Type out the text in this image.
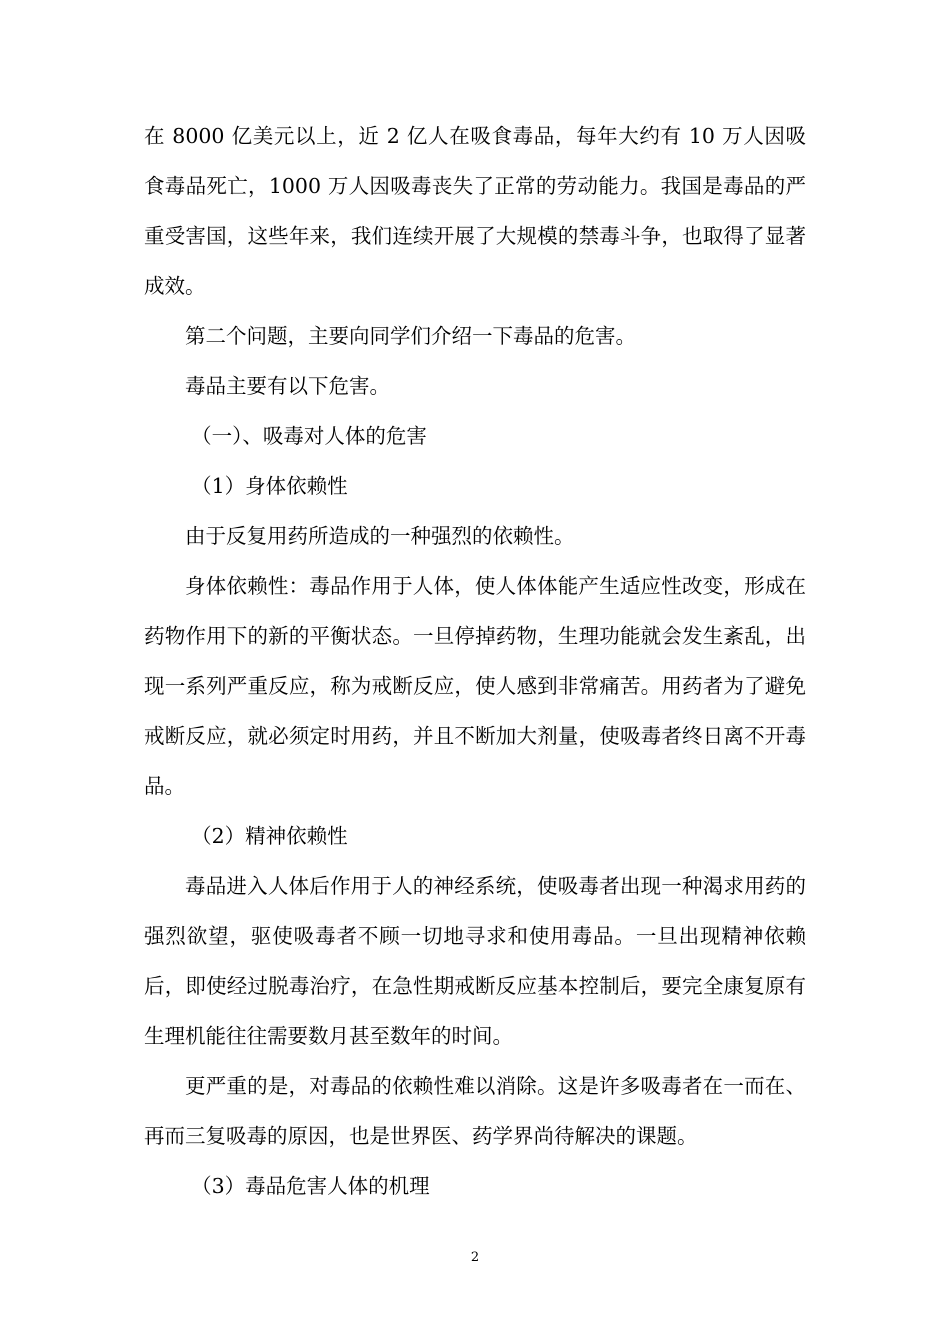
在 8000 亿美元以上，近 2 亿人在吸食毒品，每年大约有 10 万人因吸食毒品死亡，1000 万人因吸毒丧失了正常的劳动能力。我国是毒品的严重受害国，这些年来，我们连续开展了大规模的禁毒斗争，也取得了显著成效。

第二个问题，主要向同学们介绍一下毒品的危害。

毒品主要有以下危害。

（一）、吸毒对人体的危害

（1）身体依赖性

由于反复用药所造成的一种强烈的依赖性。

身体依赖性：毒品作用于人体，使人体体能产生适应性改变，形成在药物作用下的新的平衡状态。一旦停掉药物，生理功能就会发生紊乱，出现一系列严重反应，称为戒断反应，使人感到非常痛苦。用药者为了避免戒断反应，就必须定时用药，并且不断加大剂量，使吸毒者终日离不开毒品。

（2）精神依赖性

毒品进入人体后作用于人的神经系统，使吸毒者出现一种渴求用药的强烈欲望，驱使吸毒者不顾一切地寻求和使用毒品。一旦出现精神依赖后，即使经过脱毒治疗，在急性期戒断反应基本控制后，要完全康复原有生理机能往往需要数月甚至数年的时间。

更严重的是，对毒品的依赖性难以消除。这是许多吸毒者在一而在、再而三复吸毒的原因，也是世界医、药学界尚待解决的课题。

（3）毒品危害人体的机理

2
